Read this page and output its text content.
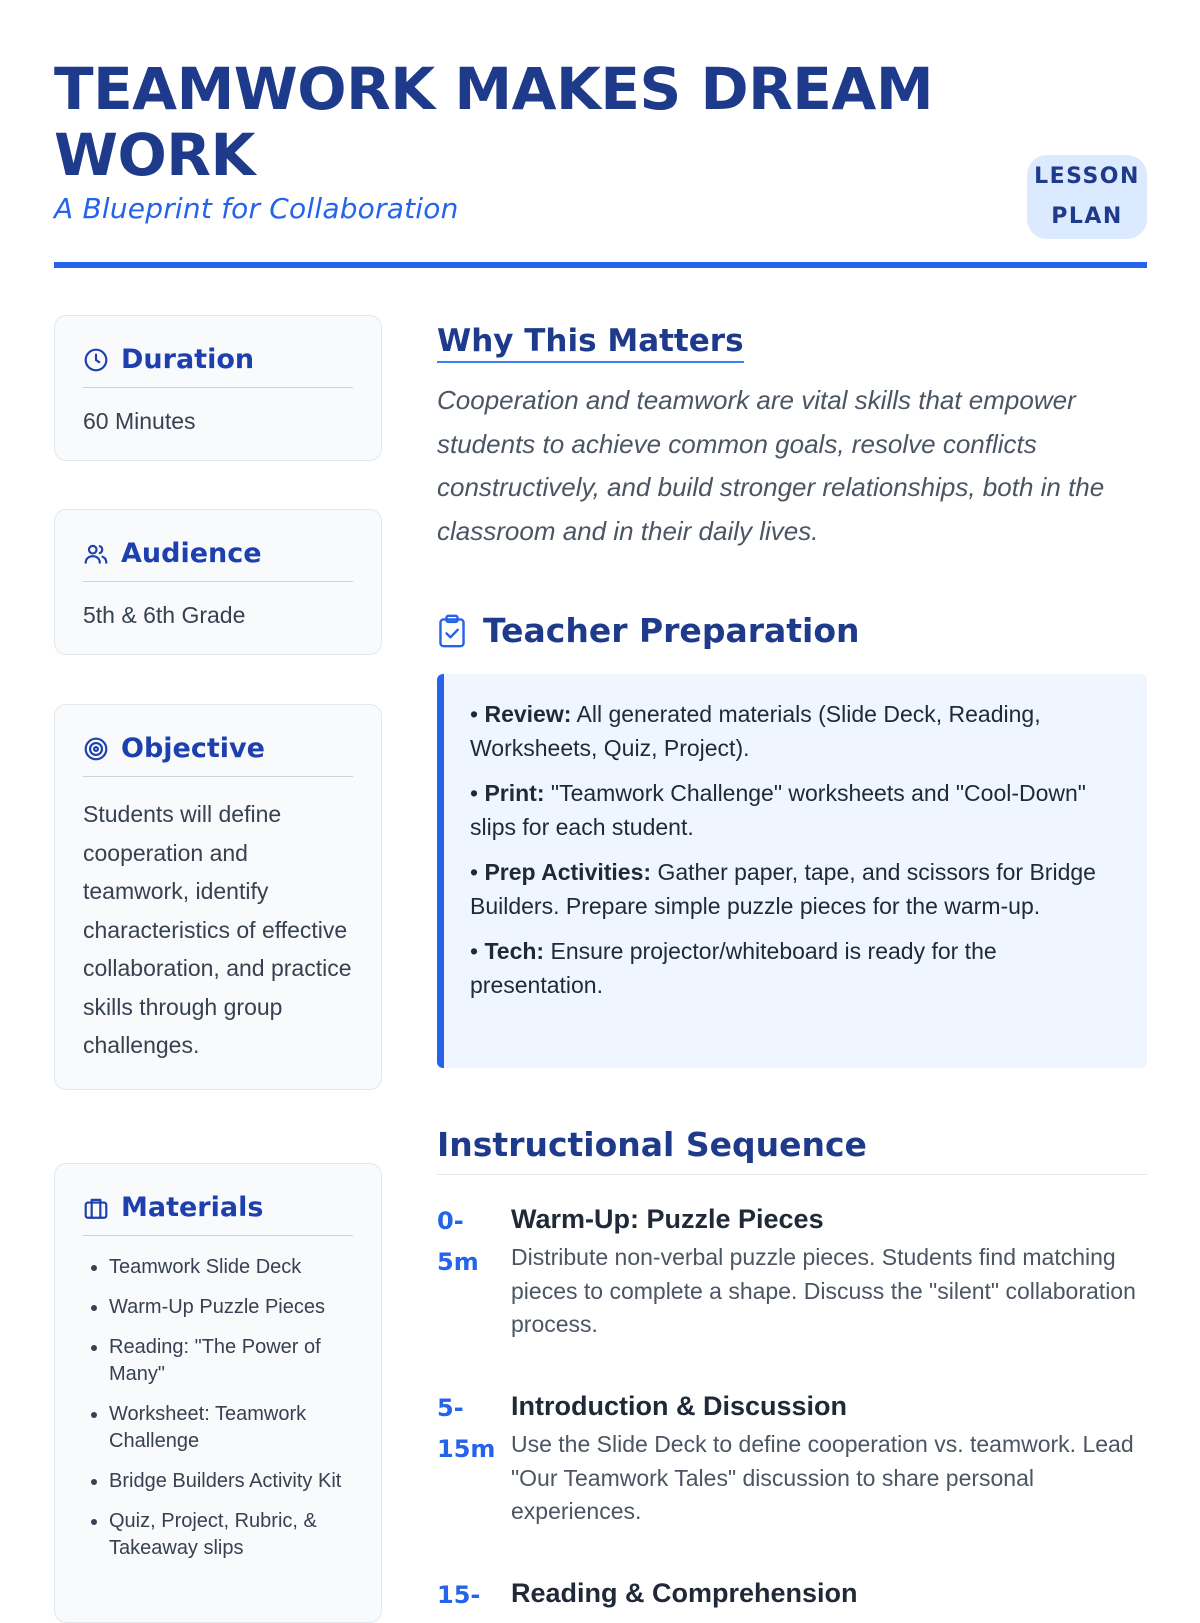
TEAMWORK MAKES DREAM WORK
A Blueprint for Collaboration
LESSON PLAN
Duration
60 Minutes
Audience
5th & 6th Grade
Objective
Students will define cooperation and teamwork, identify characteristics of effective collaboration, and practice skills through group challenges.
Materials
• Teamwork Slide Deck
• Warm-Up Puzzle Pieces
• Reading: "The Power of Many"
• Worksheet: Teamwork Challenge
• Bridge Builders Activity Kit
• Quiz, Project, Rubric, & Takeaway slips
Why This Matters

Cooperation and teamwork are vital skills that empower students to achieve common goals, resolve conflicts constructively, and build stronger relationships, both in the classroom and in their daily lives.

Teacher Preparation
• Review: All generated materials (Slide Deck, Reading, Worksheets, Quiz, Project).
• Print: "Teamwork Challenge" worksheets and "Cool-Down" slips for each student.
• Prep Activities: Gather paper, tape, and scissors for Bridge Builders. Prepare simple puzzle pieces for the warm-up.
• Tech: Ensure projector/whiteboard is ready for the presentation.
Instructional Sequence
0-5m
Warm-Up: Puzzle Pieces
Distribute non-verbal puzzle pieces. Students find matching pieces to complete a shape. Discuss the "silent" collaboration process.
5-15m
Introduction & Discussion
Use the Slide Deck to define cooperation vs. teamwork. Lead "Our Teamwork Tales" discussion to share personal experiences.
15-	Reading & Comprehension
